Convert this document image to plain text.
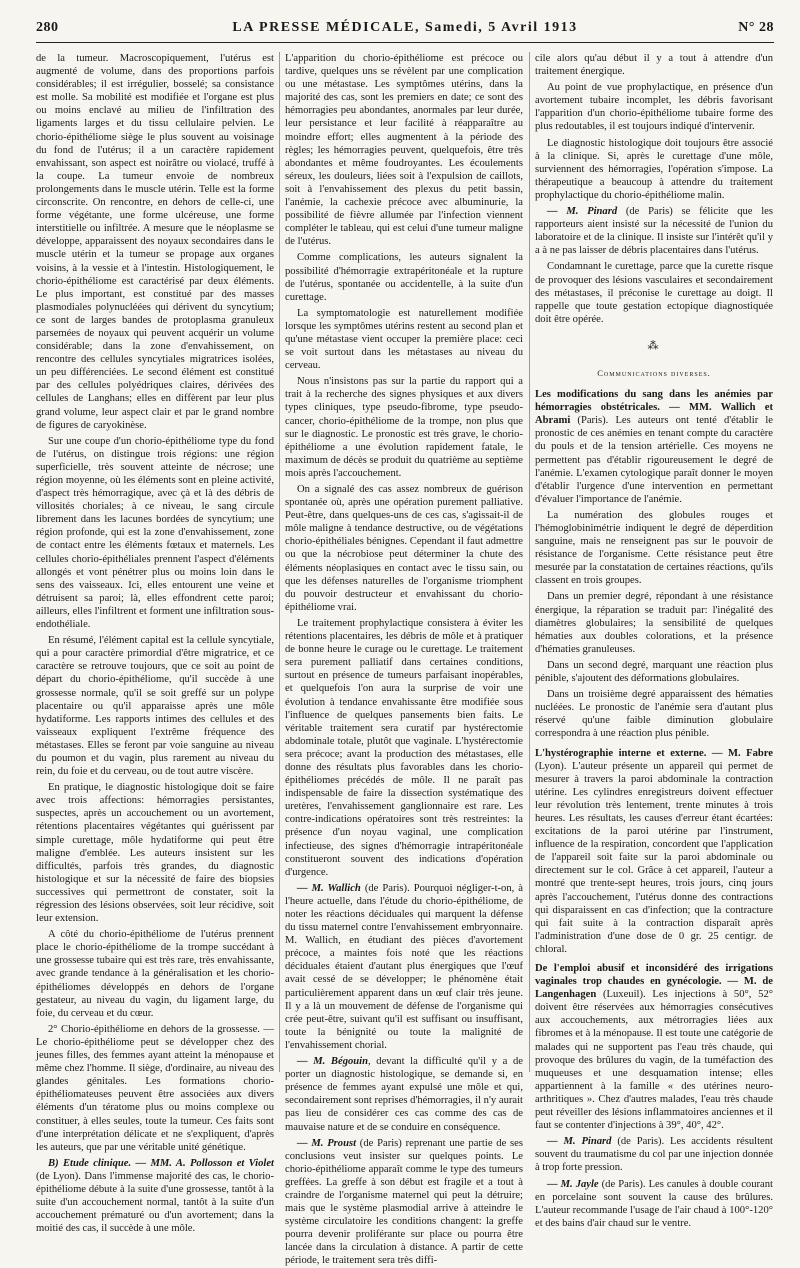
280	LA PRESSE MÉDICALE, Samedi, 5 Avril 1913	N° 28

de la tumeur. Macroscopiquement, l'utérus est augmenté de volume, dans des proportions parfois considérables; il est irrégulier, bosselé; sa consistance est molle. Sa mobilité est modifiée et l'organe est plus ou moins enclavé au milieu de l'infiltration des ligaments larges et du tissu cellulaire pelvien. Le chorio-épithéliome siège le plus souvent au voisinage du fond de l'utérus; il a un caractère rapidement envahissant, son aspect est noirâtre ou violacé, truffé à la coupe. La tumeur envoie de nombreux prolongements dans le muscle utérin. Telle est la forme circonscrite. On rencontre, en dehors de celle-ci, une forme végétante, une forme ulcéreuse, une forme interstitielle ou infiltrée. A mesure que le néoplasme se développe, apparaissent des noyaux secondaires dans le muscle utérin et la tumeur se propage aux organes voisins, à la vessie et à l'intestin. Histologiquement, le chorio-épithéliome est caractérisé par deux éléments. Le plus important, est constitué par des masses plasmodiales polynucléées qui dérivent du syncytium; ce sont de larges bandes de protoplasma granuleux parsemées de noyaux qui peuvent acquérir un volume considérable; dans la zone d'envahissement, on rencontre des cellules syncytiales migratrices isolées, un peu différenciées. Le second élément est constitué par des cellules polyédriques claires, dérivées des cellules de Langhans; elles en diffèrent par leur plus grand volume, leur aspect clair et par le grand nombre de figures de caryokinèse.

Sur une coupe d'un chorio-épithéliome type du fond de l'utérus, on distingue trois régions: une région superficielle, très souvent atteinte de nécrose; une région moyenne, où les éléments sont en pleine activité, d'aspect très hémorragique, avec çà et là des débris de villosités choriales; à ce niveau, le sang circule librement dans les lacunes bordées de syncytium; une région profonde, qui est la zone d'envahissement, zone de contact entre les éléments fœtaux et maternels. Les cellules chorio-épithéliales prennent l'aspect d'éléments allongés et vont pénétrer plus ou moins loin dans le sens des vaisseaux. Ici, elles entourent une veine et détruisent sa paroi; là, elles effondrent cette paroi; ailleurs, elles l'infiltrent et forment une infiltration sous-endothéliale.

En résumé, l'élément capital est la cellule syncytiale, qui a pour caractère primordial d'être migratrice, et ce caractère se retrouve toujours, que ce soit au point de départ du chorio-épithéliome, qu'il succède à une grossesse normale, qu'il se soit greffé sur un polype placentaire ou qu'il apparaisse après une môle hydatiforme. Les rapports intimes des cellules et des vaisseaux expliquent l'extrême fréquence des métastases. Elles se feront par voie sanguine au niveau du poumon et du vagin, plus rarement au niveau du rein, du foie et du cerveau, ou de tout autre viscère.

En pratique, le diagnostic histologique doit se faire avec trois affections: hémorragies persistantes, suspectes, après un accouchement ou un avortement, rétentions placentaires végétantes qui guérissent par simple curettage, môle hydatiforme qui peut être maligne d'emblée. Les auteurs insistent sur les difficultés, parfois très grandes, du diagnostic histologique et sur la nécessité de faire des biopsies successives qui permettront de constater, soit la régression des lésions observées, soit leur récidive, soit leur extension.

A côté du chorio-épithéliome de l'utérus prennent place le chorio-épithéliome de la trompe succédant à une grossesse tubaire qui est très rare, très envahissante, avec grande tendance à la généralisation et les chorio-épithéliomes développés en dehors de l'organe gestateur, au niveau du vagin, du ligament large, du foie, du cerveau et du cœur.

2° Chorio-épithéliome en dehors de la grossesse. — Le chorio-épithéliome peut se développer chez des jeunes filles, des femmes ayant atteint la ménopause et même chez l'homme. Il siège, d'ordinaire, au niveau des glandes génitales. Les formations chorio-épithéliomateuses peuvent être associées aux divers éléments d'un tératome plus ou moins complexe ou constituer, à elles seules, toute la tumeur. Ces faits sont d'une interprétation délicate et ne s'expliquent, d'après les auteurs, que par une véritable unité génétique.

B) Etude clinique. — MM. A. Pollosson et Violet (de Lyon). Dans l'immense majorité des cas, le chorio-épithéliome débute à la suite d'une grossesse, tantôt à la suite d'un accouchement normal, tantôt à la suite d'un accouchement prématuré ou d'un avortement; dans la moitié des cas, il succède à une môle.

L'apparition du chorio-épithéliome est précoce ou tardive, quelques uns se révèlent par une complication ou une métastase. Les symptômes utérins, dans la majorité des cas, sont les premiers en date; ce sont des hémorragies peu abondantes, anormales par leur durée, leur persistance et leur facilité à réapparaître au moindre effort; elles augmentent à la période des règles; les hémorragies peuvent, quelquefois, être très abondantes et même foudroyantes. Les écoulements séreux, les douleurs, liées soit à l'expulsion de caillots, soit à l'envahissement des plexus du petit bassin, l'anémie, la cachexie précoce avec albuminurie, la possibilité de fièvre allumée par l'infection viennent compléter le tableau, qui est celui d'une tumeur maligne de l'utérus.

Comme complications, les auteurs signalent la possibilité d'hémorragie extrapéritonéale et la rupture de l'utérus, spontanée ou accidentelle, à la suite d'un curettage.

La symptomatologie est naturellement modifiée lorsque les symptômes utérins restent au second plan et qu'une métastase vient occuper la première place: ceci se voit surtout dans les métastases au niveau du cerveau.

Nous n'insistons pas sur la partie du rapport qui a trait à la recherche des signes physiques et aux divers types cliniques, type pseudo-fibrome, type pseudo-cancer, chorio-épithéliome de la trompe, non plus que sur le diagnostic. Le pronostic est très grave, le chorio-épithéliome a une évolution rapidement fatale, le maximum de décès se produit du quatrième au septième mois après l'accouchement.

On a signalé des cas assez nombreux de guérison spontanée où, après une opération purement palliative. Peut-être, dans quelques-uns de ces cas, s'agissait-il de môle maligne à tendance destructive, ou de végétations chorio-épithéliales bénignes. Cependant il faut admettre ou que la nécrobiose peut déterminer la chute des éléments néoplasiques en contact avec le tissu sain, ou que les défenses naturelles de l'organisme triomphent du pouvoir destructeur et envahissant du chorio-épithéliome vrai.

Le traitement prophylactique consistera à éviter les rétentions placentaires, les débris de môle et à pratiquer de bonne heure le curage ou le curettage. Le traitement sera purement palliatif dans certaines conditions, surtout en présence de tumeurs parfaisant inopérables, et quelquefois l'on aura la surprise de voir une évolution à tendance envahissante être modifiée sous l'influence de quelques pansements bien faits. Le véritable traitement sera curatif par hystérectomie abdominale totale, plutôt que vaginale. L'hystérectomie sera précoce; avant la production des métastases, elle donne des résultats plus favorables dans les chorio-épithéliomes précédés de môle. Il ne paraît pas indispensable de faire la dissection systématique des uretères, l'envahissement ganglionnaire est rare. Les contre-indications opératoires sont très restreintes: la présence d'un noyau vaginal, une complication infectieuse, des signes d'hémorragie intrapéritonéale constitueront souvent des indications d'opération d'urgence.

— M. Wallich (de Paris). Pourquoi négliger-t-on, à l'heure actuelle, dans l'étude du chorio-épithéliome, de noter les réactions déciduales qui marquent la défense du tissu maternel contre l'envahissement embryonnaire. M. Wallich, en étudiant des pièces d'avortement précoce, a maintes fois noté que les réactions déciduales étaient d'autant plus énergiques que l'œuf avait cessé de se développer; le phénomène était particulièrement apparent dans un œuf clair très jeune. Il y a là un mouvement de défense de l'organisme qui crée peut-être, suivant qu'il est suffisant ou insuffisant, toute la bénignité ou toute la malignité de l'envahissement chorial.

— M. Bégouin, devant la difficulté qu'il y a de porter un diagnostic histologique, se demande si, en présence de femmes ayant expulsé une môle et qui, secondairement sont reprises d'hémorragies, il n'y aurait pas lieu de considérer ces cas comme des cas de mauvaise nature et de se conduire en conséquence.

— M. Proust (de Paris) reprenant une partie de ses conclusions veut insister sur quelques points. Le chorio-épithéliome apparaît comme le type des tumeurs greffées. La greffe à son début est fragile et a tout à craindre de l'organisme maternel qui peut la détruire; mais que le système plasmodial arrive à atteindre le système circulatoire les conditions changent: la greffe pourra devenir proliférante sur place ou pourra être lancée dans la circulation à distance. A partir de cette période, le traitement sera très diffi-

cile alors qu'au début il y a tout à attendre d'un traitement énergique.

Au point de vue prophylactique, en présence d'un avortement tubaire incomplet, les débris favorisant l'apparition d'un chorio-épithéliome tubaire forme des plus redoutables, il est toujours indiqué d'intervenir.

Le diagnostic histologique doit toujours être associé à la clinique. Si, après le curettage d'une môle, surviennent des hémorragies, l'opération s'impose. La thérapeutique a beaucoup à attendre du traitement prophylactique du chorio-épithéliome malin.

— M. Pinard (de Paris) se félicite que les rapporteurs aient insisté sur la nécessité de l'union du laboratoire et de la clinique. Il insiste sur l'intérêt qu'il y a à ne pas laisser de débris placentaires dans l'utérus.

Condamnant le curettage, parce que la curette risque de provoquer des lésions vasculaires et secondairement des métastases, il préconise le curettage au doigt. Il rappelle que toute gestation ectopique diagnostiquée doit être opérée.

⁂
Communications diverses.

Les modifications du sang dans les anémies par hémorragies obstétricales. — MM. Wallich et Abrami (Paris). Les auteurs ont tenté d'établir le pronostic de ces anémies en tenant compte du caractère du pouls et de la tension artérielle. Ces moyens ne permettent pas d'établir rigoureusement le degré de l'anémie. L'examen cytologique paraît donner le moyen d'établir l'urgence d'une intervention en permettant d'évaluer l'importance de l'anémie.

La numération des globules rouges et l'hémoglobinimétrie indiquent le degré de déperdition sanguine, mais ne renseignent pas sur le pouvoir de résistance de l'organisme. Cette résistance peut être mesurée par la constatation de certaines réactions, qu'ils classent en trois groupes.

Dans un premier degré, répondant à une résistance énergique, la réparation se traduit par: l'inégalité des diamètres globulaires; la sensibilité de quelques hématies aux doubles colorations, et la présence d'hématies granuleuses.

Dans un second degré, marquant une réaction plus pénible, s'ajoutent des déformations globulaires.

Dans un troisième degré apparaissent des hématies nucléées. Le pronostic de l'anémie sera d'autant plus réservé qu'une faible diminution globulaire correspondra à une réaction plus pénible.

L'hystérographie interne et externe. — M. Fabre (Lyon). L'auteur présente un appareil qui permet de mesurer à travers la paroi abdominale la contraction utérine. Les cylindres enregistreurs doivent effectuer leur révolution très lentement, trente minutes à trois heures. Les résultats, les causes d'erreur étant écartées: excitations de la paroi utérine par l'instrument, influence de la respiration, concordent que l'application de l'appareil soit faite sur la paroi abdominale ou directement sur le col. Grâce à cet appareil, l'auteur a montré que trente-sept heures, trois jours, cinq jours après l'accouchement, l'utérus donne des contractions qui disparaissent en cas d'infection; que la contracture qui fait suite à la contraction disparaît après l'administration d'une dose de 0 gr. 25 centigr. de chloral.

De l'emploi abusif et inconsidéré des irrigations vaginales trop chaudes en gynécologie. — M. de Langenhagen (Luxeuil). Les injections à 50°, 52° doivent être réservées aux hémorragies consécutives aux accouchements, aux métrorragies liées aux fibromes et à la ménopause. Il est toute une catégorie de malades qui ne supportent pas l'eau très chaude, qui provoque des brûlures du vagin, de la tuméfaction des muqueuses et une desquamation intense; elles appartiennent à la famille « des utérines neuro-arthritiques ». Chez d'autres malades, l'eau très chaude peut réveiller des lésions inflammatoires anciennes et il faut se contenter d'injections à 39°, 40°, 42°.

— M. Pinard (de Paris). Les accidents résultent souvent du traumatisme du col par une injection donnée à trop forte pression.

— M. Jayle (de Paris). Les canules à double courant en porcelaine sont souvent la cause des brûlures. L'auteur recommande l'usage de l'air chaud à 100°-120° et des bains d'air chaud sur le ventre.
